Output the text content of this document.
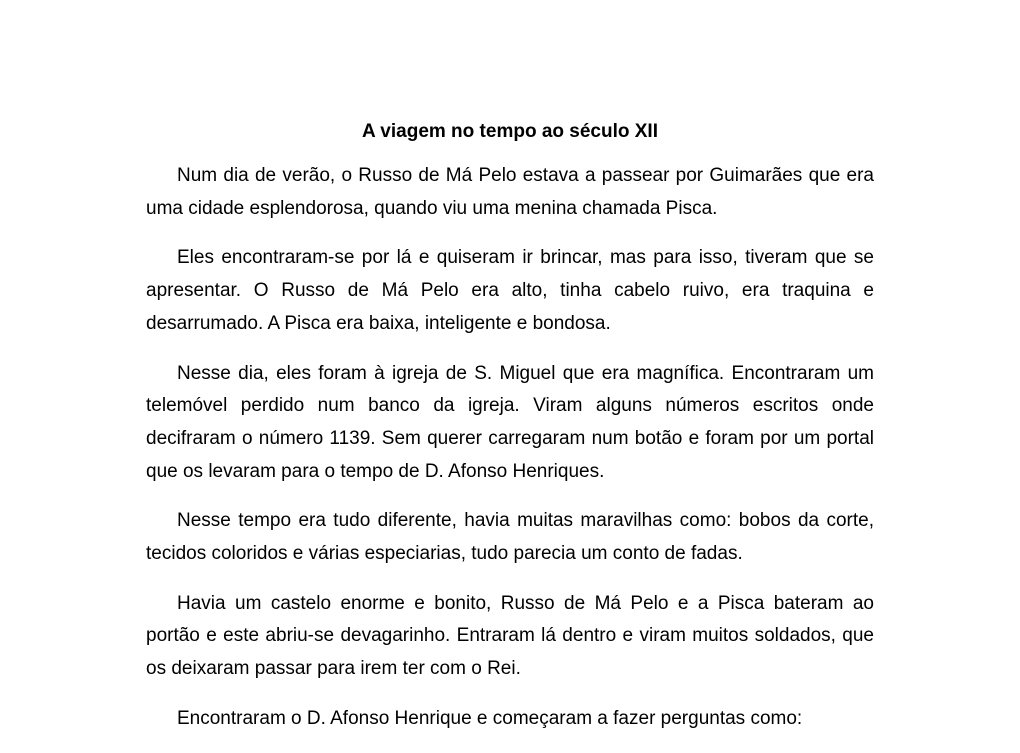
A viagem no tempo ao século XII

Num dia de verão, o Russo de Má Pelo estava a passear por Guimarães que era uma cidade esplendorosa, quando viu uma menina chamada Pisca.

Eles encontraram-se por lá e quiseram ir brincar, mas para isso, tiveram que se apresentar. O Russo de Má Pelo era alto, tinha cabelo ruivo, era traquina e desarrumado. A Pisca era baixa, inteligente e bondosa.

Nesse dia, eles foram à igreja de S. Miguel que era magnífica. Encontraram um telemóvel perdido num banco da igreja. Viram alguns números escritos onde decifraram o número 1139. Sem querer carregaram num botão e foram por um portal que os levaram para o tempo de D. Afonso Henriques.

Nesse tempo era tudo diferente, havia muitas maravilhas como: bobos da corte, tecidos coloridos e várias especiarias, tudo parecia um conto de fadas.

Havia um castelo enorme e bonito, Russo de Má Pelo e a Pisca bateram ao portão e este abriu-se devagarinho. Entraram lá dentro e viram muitos soldados, que os deixaram passar para irem ter com o Rei.

Encontraram o D. Afonso Henrique e começaram a fazer perguntas como:
